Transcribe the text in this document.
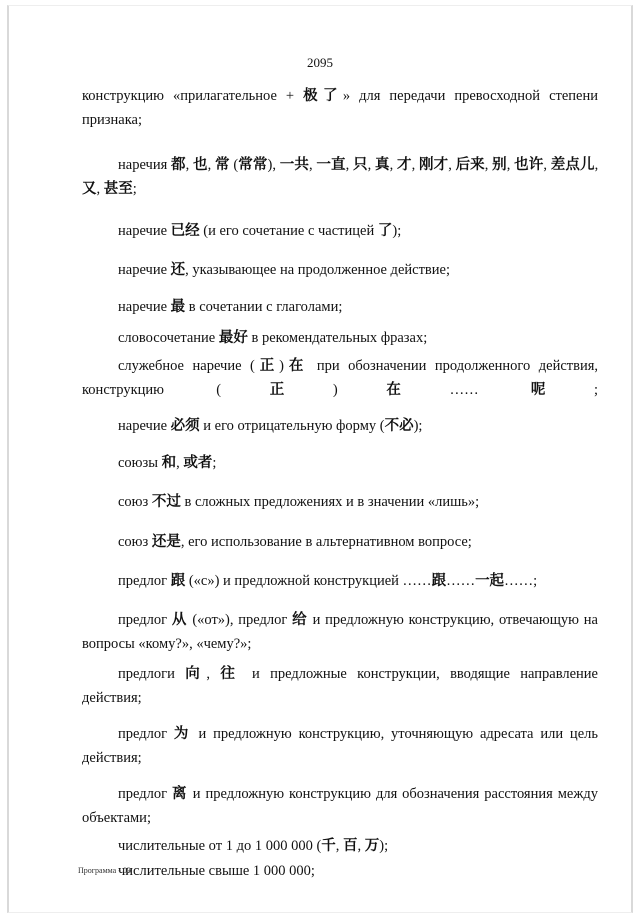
2095

конструкцию «прилагательное + 极了» для передачи превосходной степени признака;

наречия 都, 也, 常 (常常), 一共, 一直, 只, 真, 才, 刚才, 后来, 别, 也许, 差点儿, 又, 甚至;

наречие 已经 (и его сочетание с частицей 了);

наречие 还, указывающее на продолженное действие;

наречие 最 в сочетании с глаголами;

словосочетание 最好 в рекомендательных фразах;

служебное наречие (正)在 при обозначении продолженного действия, конструкцию (正)在…… 呢;

наречие 必须 и его отрицательную форму (不必);

союзы 和, 或者;

союз 不过 в сложных предложениях и в значении «лишь»;

союз 还是, его использование в альтернативном вопросе;

предлог 跟 («с») и предложной конструкцией ……跟……一起……;

предлог 从 («от»), предлог 给 и предложную конструкцию, отвечающую на вопросы «кому?», «чему?»;

предлоги 向, 往 и предложные конструкции, вводящие направление действия;

предлог 为 и предложную конструкцию, уточняющую адресата или цель действия;

предлог 离 и предложную конструкцию для обозначения расстояния между объектами;

числительные от 1 до 1 000 000 (千, 百, 万);

числительные свыше 1 000 000;

Программа - 03
